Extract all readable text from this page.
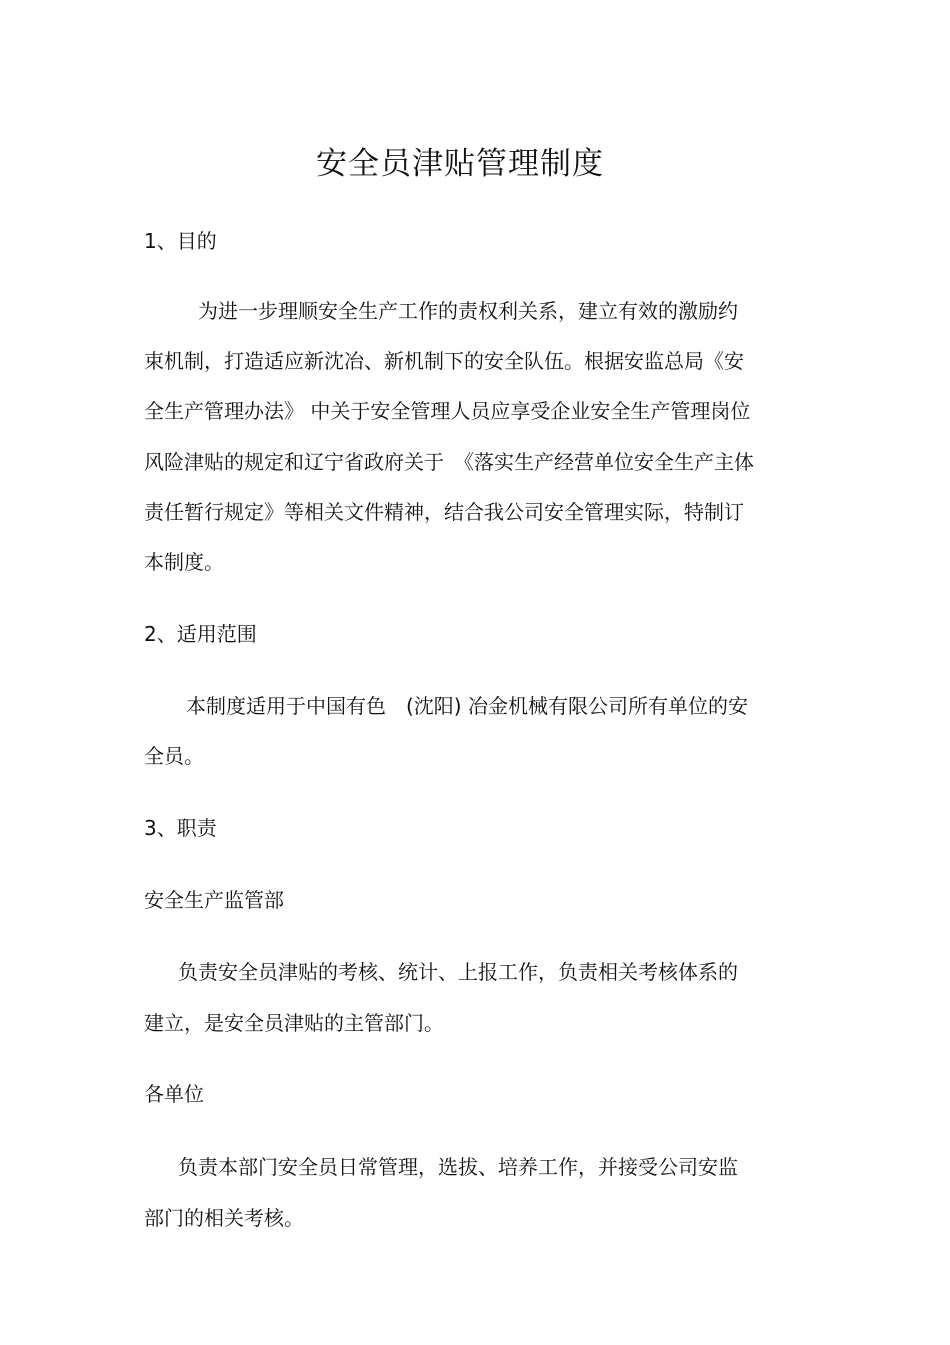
安全员津贴管理制度
1、目的
为进一步理顺安全生产工作的责权利关系，建立有效的激励约
束机制，打造适应新沈冶、新机制下的安全队伍。根据安监总局《安
全生产管理办法》 中关于安全管理人员应享受企业安全生产管理岗位
风险津贴的规定和辽宁省政府关于　《落实生产经营单位安全生产主体
责任暂行规定》等相关文件精神，结合我公司安全管理实际，特制订
本制度。
2、适用范围
本制度适用于中国有色　(沈阳) 冶金机械有限公司所有单位的安
全员。
3、职责
安全生产监管部
负责安全员津贴的考核、统计、上报工作，负责相关考核体系的
建立，是安全员津贴的主管部门。
各单位
负责本部门安全员日常管理，选拔、培养工作，并接受公司安监
部门的相关考核。
